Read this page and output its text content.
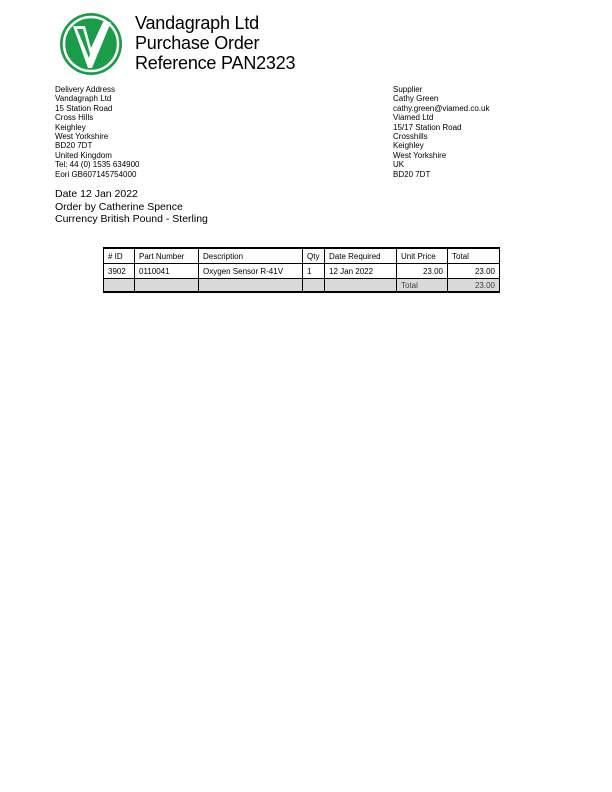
Vandagraph Ltd
Purchase Order
Reference PAN2323
Delivery Address
Vandagraph Ltd
15 Station Road
Cross Hills
Keighley
West Yorkshire
BD20 7DT
United Kingdom
Tel: 44 (0) 1535 634900
Eori GB607145754000
Supplier
Cathy Green
cathy.green@viamed.co.uk
Viamed Ltd
15/17 Station Road
Crosshills
Keighley
West Yorkshire
UK
BD20 7DT
Date 12 Jan 2022
Order by Catherine Spence
Currency British Pound - Sterling
# ID	Part Number	Description	Qty	Date Required	Unit Price	Total
3902	0110041	Oxygen Sensor R-41V	1	12 Jan 2022	23.00	23.00
					Total	23.00
